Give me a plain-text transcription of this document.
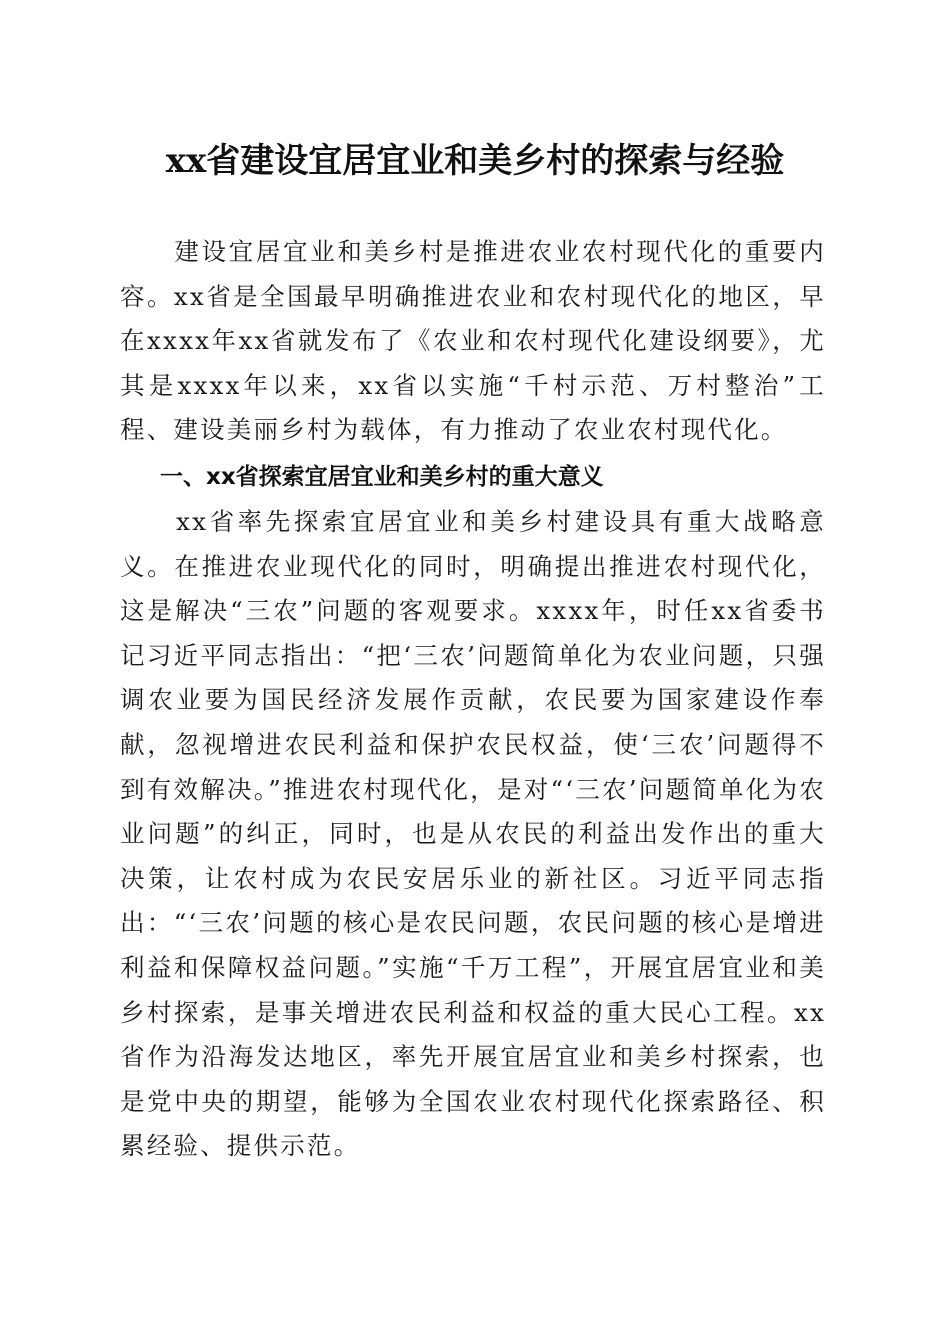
xx省建设宜居宜业和美乡村的探索与经验

　　建设宜居宜业和美乡村是推进农业农村现代化的重要内容。xx省是全国最早明确推进农业和农村现代化的地区，早在xxxx年xx省就发布了《农业和农村现代化建设纲要》，尤其是xxxx年以来，xx省以实施“千村示范、万村整治”工程、建设美丽乡村为载体，有力推动了农业农村现代化。

一、xx省探索宜居宜业和美乡村的重大意义

　　xx省率先探索宜居宜业和美乡村建设具有重大战略意义。在推进农业现代化的同时，明确提出推进农村现代化，这是解决“三农”问题的客观要求。xxxx年，时任xx省委书记习近平同志指出：“把‘三农’问题简单化为农业问题，只强调农业要为国民经济发展作贡献，农民要为国家建设作奉献，忽视增进农民利益和保护农民权益，使‘三农’问题得不到有效解决。”推进农村现代化，是对“‘三农’问题简单化为农业问题”的纠正，同时，也是从农民的利益出发作出的重大决策，让农村成为农民安居乐业的新社区。习近平同志指出：“‘三农’问题的核心是农民问题，农民问题的核心是增进利益和保障权益问题。”实施“千万工程”，开展宜居宜业和美乡村探索，是事关增进农民利益和权益的重大民心工程。xx省作为沿海发达地区，率先开展宜居宜业和美乡村探索，也是党中央的期望，能够为全国农业农村现代化探索路径、积累经验、提供示范。
